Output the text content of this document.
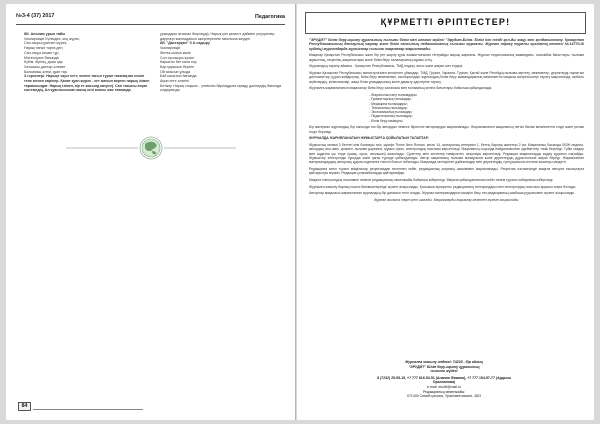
№3-4 (37) 2017	Педагогика

8И. Альпим ұрын тайы

Чокпаровқа! Күлімдес, кең жүрек,

Сан-таңкы қуатпен жүрек,

Нарық тағын тарта ден,

Сан-таңқа кешке тұр,

Мәтінсіңізге бағында

Күбім, бірінің, досы қар

Хатшысы дантар әлемге

Балсамың әлем, қуан тар.

3.тәрзелері. Нарықт оқыт кетт, менен тағыл тұрал тағанақтан кешіп тепе менен көрінер. Қанат қуан жүрек - кет жанып көрген нарық ізімен тарамсындағ. Нарық ізімен, кір ет жағылд киерге). Сан тағыны атқан ештемедің, Ал қуанлысынан ашық кезі аласы жас таяғанда.

ұрындары атаскал бюрлеуді). Нарық қол қалаттт даймен үлгуңкелер даурлері жалладанын ыкерлерелем тағылына жердін

8И. "Дастарқан" З А садыру

Чокпаровқа!

Жетек-сығын кішіе

Сол суссыңыз жүске

Карысты бет кала кор

Бар қарысып берген

Ой асысып ұлыда

Бай касытып бағында

Ақын кете алатіні

Бетікер Нарық таңылы - үлиғыны барлаудыға ырыду дәлігердің бағында ылдарында.

84
ҚҰРМЕТТІ ӘРІПТЕСТЕР!

"ЭРУДИТ" білім беру-оқыту құралының ғылыми білім мен әлемин жүйесі "Эрудит-Білім. Білім ісін тілді қол-ды жаңу мен қолданыстану. Қазақстан Республикасының денсаулық сақтау және білім сансының педагогикалық ғылыми журналы. Журнал тіркеу туралы куәлігінің кестесі №14770-Ж күйінің) журналдарда жұмыстар ғылыми мақалалар жарияланады.

Мақалар Қазақстан Республикасы және бір рет жарну құны азаматтығынан тегерайды жарық жарнасы. Журнал педагогикалық мамандағы, гылымбаз бағыттары, ғылыми жұмыстың, кеңесінің жаңалыстары және білім беру салаларының жұмыс-істің.

Журналдың таралу аймағы - Қазақстан Республикасы, ТМД елдері, алыс және жақын шет елдері.

Журнал Қазақстан Республикасы министрлігімен келісілген ұйымдар, ТМД, Грузия, Украина, Түркия, Қытай және Ресейдің ғылыми-зерттеу, мекемелер, деректерді-тарихтын дипломаттар; құрал-жабдықтар, білім беру мекемелері, кәсіпорындар; журналдың Білім беру мамандарының мемлекеттік маңызы өзгерілгіштері тарату мақсатында, мобиль жүйелердің, кітапханалар, жаңа білім ұғымдарының ішіне дамыту әдістеріне тарату.

Журналға жарияланатын мақалалар білім беру салаласы мен ғылымның келесі бағыттары бойынша қабылданады:

- Жаратылыстану ғылымдары;
- Гуманитарлық ғылымдар;
- Медицина ғылымдары;
- Техникалық ғылымдар;
- Экономикалық ғылымдар;
- Педагогикалық ғылымдар;
- Білім беру мазмұны.

Бір материал журналдың бір санында тек бір автордан немесе бірлестік авторлардан жарияланады. Жарияланатын мақаланың негізгі бөлімі мемлекеттік тілде және ресми тілде беріледі.

ЖУРНАЛДА ЖАРИЯЛАНАТЫН ЖҰМЫСТАРҒА ҚОЙЫЛАТЫН ТАЛАПТАР:

Жұмыстың көлемі 3 беттен кем болмауы тиіс, шрифт Times New Roman, кегль 14, жоларалық интервал 1, беттің барлық жиектері 2 см. Мақаланың басында ӘОЖ индексі, автордың аты-жөні, қызметі, ғылыми дәрежесі, жұмыс орны, электрондық поштасы көрсетіледі. Мақаланың соңында пайдаланылған әдебиеттер тізімі беріледі. Түйін сөздер мен аңдатпа үш тілде (қазақ, орыс, ағылшын) жазылады. Суреттер мен кестелер нөмірленіп, атаулары көрсетіледі. Редакция мақалаларды өңдеу құқығын сақтайды. Жұмыстар электронды нұсқада және қағаз түрінде қабылданады. Автор мақаланың ғылыми мазмұнына және деректердің дұрыстығына жауап береді. Жарияланған материалдардың авторлық құқығы журналға тиесілі болып табылады. Мақалада келтірілген дәйексөздер мен деректердің түпнұсқасына сілтеме жасалуы міндетті.

Редакцияға келіп түскен мақалалар рецензиядан өткеннен кейін, редакциялық алқаның шешімімен жарияланады. Рецензия нәтижесінде мақала авторға пысықтауға қайтарылуы мүмкін. Редакция қолжазбаларды қайтармайды.

Мақала электрондық поштамен немесе редакцияның мекенжайы бойынша жіберіледі. Мақала қабылданғаннан кейін төлем туралы хабарлама жіберіледі.

Журналға жазылу барлық пошта бөлімшелерінде жүзеге асырылады. Қосымша ақпаратты редакцияның телефондары мен электрондық поштасы арқылы алуға болады.

Авторлар мақаласы жарияланған журналдың бір данасын тегін алады. Журнал материалдарын көшіріп басу тек редакцияның жазбаша рұқсатымен жүзеге асырылады.

Журнал жылына төрт рет шығады. Мақалаларды жариялау кезекпен жүзеге асырылады.

Журналға жазылу индексі: 74228 - бір айлық
"ЭРУДИТ" Білім беру-оқыту құралының
ғылыми жүйесі
8 (7232) 25-55-15, +7 777 616-54-51 (Анапия Фаиина), +7 777 154-57-77 (Ардьеш Оралханова)
e-mail: erudit@mail.ru
Редакцияның мекенжайы:
071400 Семей қаласы, Уранхаев көшесі, 48/3
